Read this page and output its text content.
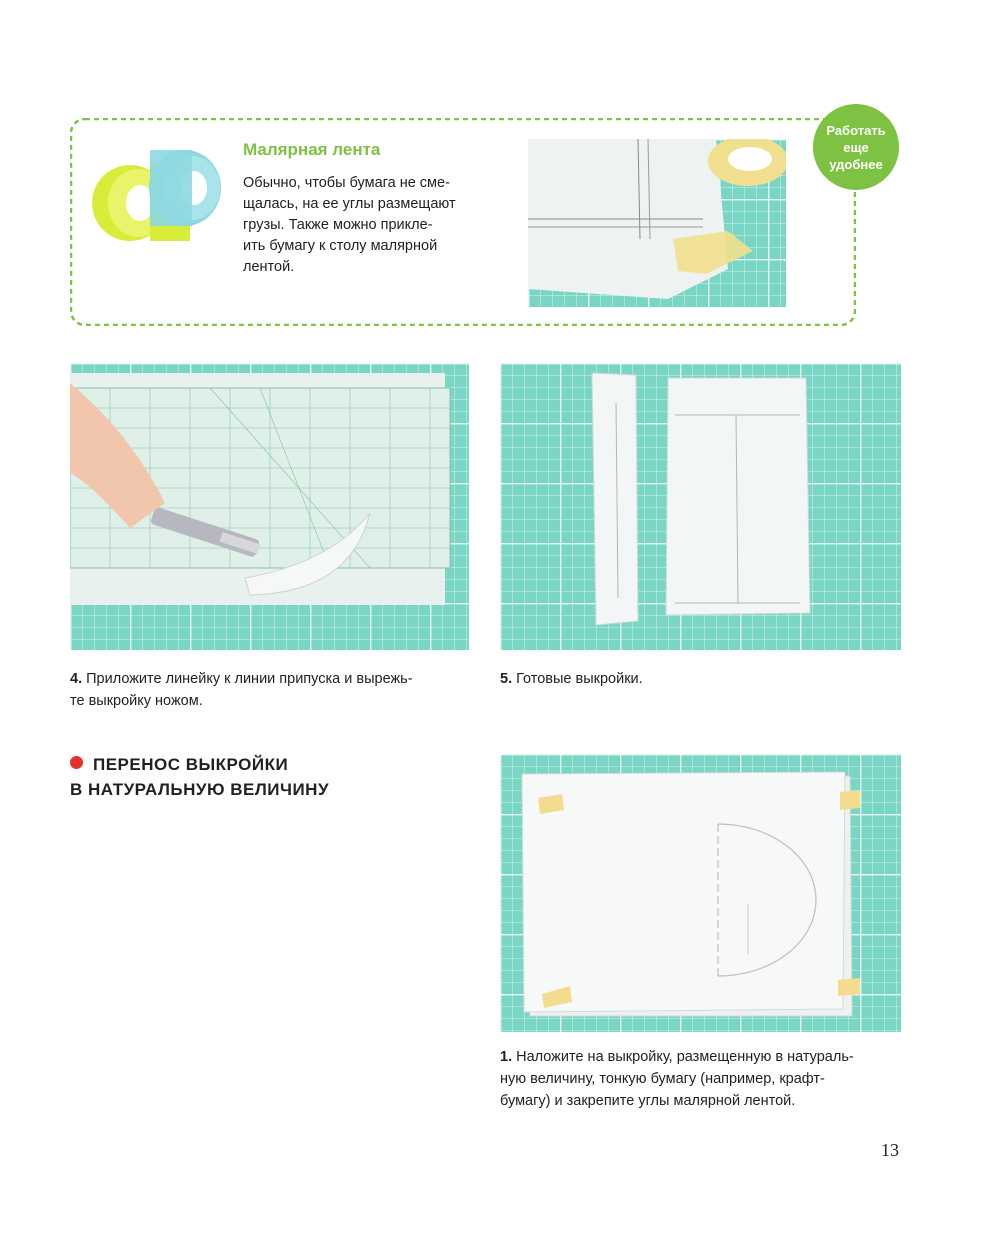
Малярная лента
Обычно, чтобы бумага не сме-
щалась, на ее углы размещают
грузы. Также можно прикле-
ить бумагу к столу малярной
лентой.
Работать
еще
удобнее
4. Приложите линейку к линии припуска и вырежь-
те выкройку ножом.
5. Готовые выкройки.
ПЕРЕНОС ВЫКРОЙКИ
В НАТУРАЛЬНУЮ ВЕЛИЧИНУ
1. Наложите на выкройку, размещенную в натураль-
ную величину, тонкую бумагу (например, крафт-
бумагу) и закрепите углы малярной лентой.
13
